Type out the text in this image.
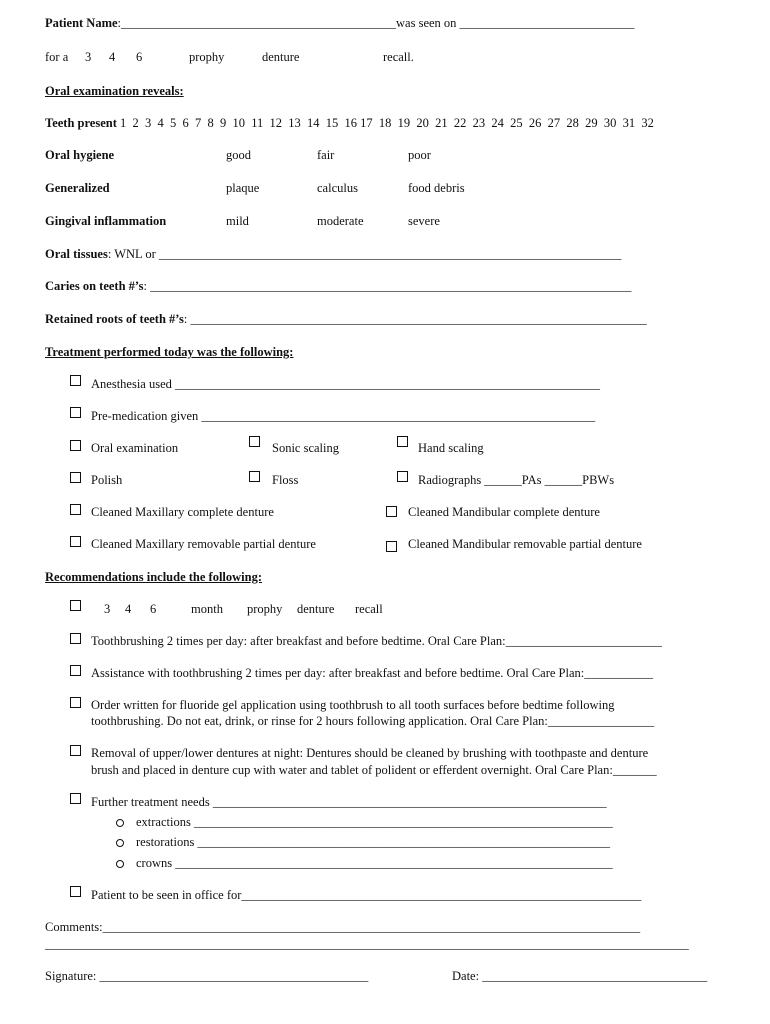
Patient Name:____________________________________________was seen on ____________________________
for a 3 4 6	prophy	denture	recall.
Oral examination reveals:
Teeth present 1  2  3  4  5  6  7  8  9  10  11  12  13  14  15  16 17  18  19  20  21  22  23  24  25  26  27  28  29  30  31  32
Oral hygiene	good	fair	poor
Generalized	plaque	calculus	food debris
Gingival inflammation	mild	moderate	severe
Oral tissues: WNL or __________________________________________________________________________
Caries on teeth #’s: _____________________________________________________________________________
Retained roots of teeth #’s: _________________________________________________________________________
Treatment performed today was the following:
Anesthesia used ____________________________________________________________________
Pre-medication given _______________________________________________________________
Oral examination	Sonic scaling	Hand scaling
Polish	Floss	Radiographs ______PAs ______PBWs
Cleaned Maxillary complete denture	Cleaned Mandibular complete denture
Cleaned Maxillary removable partial denture	Cleaned Mandibular removable partial denture
Recommendations include the following:
3 4 6	month prophy denture recall
Toothbrushing 2 times per day: after breakfast and before bedtime. Oral Care Plan:_________________________
Assistance with toothbrushing 2 times per day: after breakfast and before bedtime. Oral Care Plan:___________
Order written for fluoride gel application using toothbrush to all tooth surfaces before bedtime following
toothbrushing. Do not eat, drink, or rinse for 2 hours following application. Oral Care Plan:_________________
Removal of upper/lower dentures at night: Dentures should be cleaned by brushing with toothpaste and denture
brush and placed in denture cup with water and tablet of polident or efferdent overnight. Oral Care Plan:_______
Further treatment needs _______________________________________________________________
extractions ___________________________________________________________________
restorations __________________________________________________________________
crowns ______________________________________________________________________
Patient to be seen in office for________________________________________________________________
Comments:______________________________________________________________________________________
_______________________________________________________________________________________________________
Signature: ___________________________________________	Date: ____________________________________
